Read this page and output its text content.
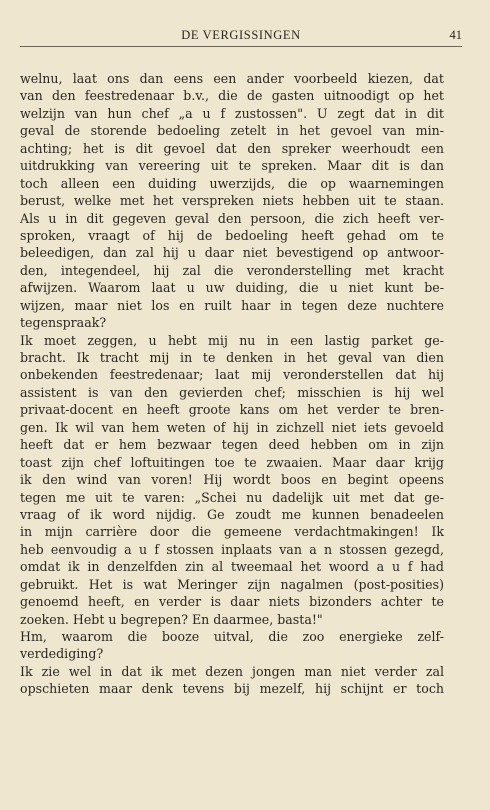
DE VERGISSINGEN	41
welnu, laat ons dan eens een ander voorbeeld kiezen, dat
van den feestredenaar b.v., die de gasten uitnoodigt op het
welzijn van hun chef „a u f zustossen". U zegt dat in dit
geval de storende bedoeling zetelt in het gevoel van min-
achting; het is dit gevoel dat den spreker weerhoudt een
uitdrukking van vereering uit te spreken. Maar dit is dan
toch alleen een duiding uwerzijds, die op waarnemingen
berust, welke met het verspreken niets hebben uit te staan.
Als u in dit gegeven geval den persoon, die zich heeft ver-
sproken, vraagt of hij de bedoeling heeft gehad om te
beleedigen, dan zal hij u daar niet bevestigend op antwoor-
den, integendeel, hij zal die veronderstelling met kracht
afwijzen. Waarom laat u uw duiding, die u niet kunt be-
wijzen, maar niet los en ruilt haar in tegen deze nuchtere
tegenspraak?
Ik moet zeggen, u hebt mij nu in een lastig parket ge-
bracht. Ik tracht mij in te denken in het geval van dien
onbekenden feestredenaar; laat mij veronderstellen dat hij
assistent is van den gevierden chef; misschien is hij wel
privaat-docent en heeft groote kans om het verder te bren-
gen. Ik wil van hem weten of hij in zichzell niet iets gevoeld
heeft dat er hem bezwaar tegen deed hebben om in zijn
toast zijn chef loftuitingen toe te zwaaien. Maar daar krijg
ik den wind van voren! Hij wordt boos en begint opeens
tegen me uit te varen: „Schei nu dadelijk uit met dat ge-
vraag of ik word nijdig. Ge zoudt me kunnen benadeelen
in mijn carrière door die gemeene verdachtmakingen! Ik
heb eenvoudig a u f stossen inplaats van a n stossen gezegd,
omdat ik in denzelfden zin al tweemaal het woord a u f had
gebruikt. Het is wat Meringer zijn nagalmen (post-posities)
genoemd heeft, en verder is daar niets bizonders achter te
zoeken. Hebt u begrepen? En daarmee, basta!"
Hm, waarom die booze uitval, die zoo energieke zelf-
verdediging?
Ik zie wel in dat ik met dezen jongen man niet verder zal
opschieten maar denk tevens bij mezelf, hij schijnt er toch
